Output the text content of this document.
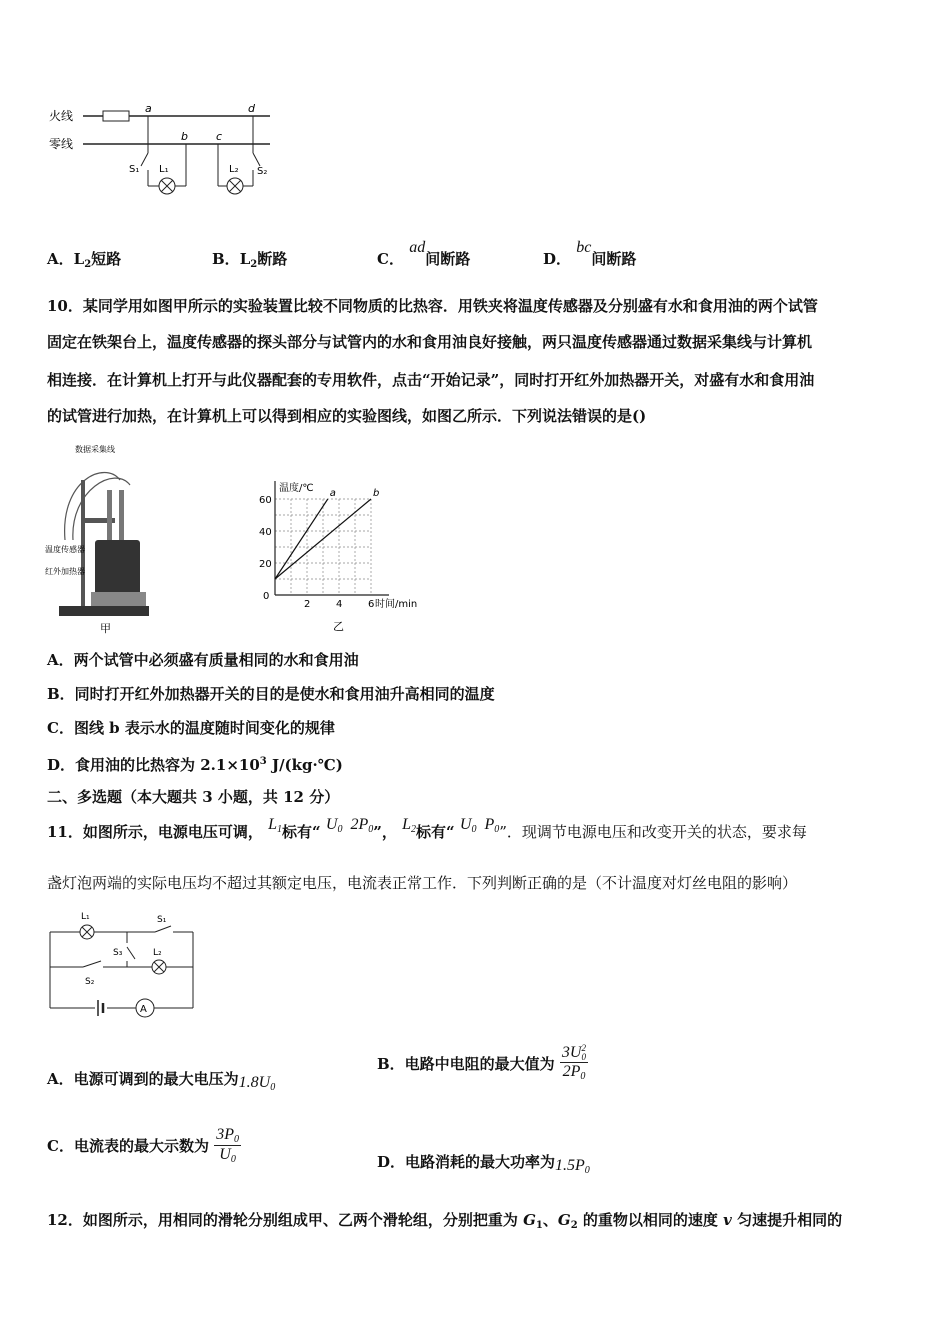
火线
零线
a	d
b	c
S₁ L₁	L₂ S₂
A．$L_2$短路	B．$L_2$断路	C． ad间断路	D． bc间断路
10．某同学用如图甲所示的实验装置比较不同物质的比热容．用铁夹将温度传感器及分别盛有水和食用油的两个试管
固定在铁架台上，温度传感器的探头部分与试管内的水和食用油良好接触，两只温度传感器通过数据采集线与计算机
相连接．在计算机上打开与此仪器配套的专用软件，点击“开始记录”，同时打开红外加热器开关，对盛有水和食用油
的试管进行加热，在计算机上可以得到相应的实验图线，如图乙所示．下列说法错误的是()
数据采集线
温度传感器
红外加热器
甲
温度/℃
时间/min
0
2	4	6
20
40
60
a	b
乙
A．两个试管中必须盛有质量相同的水和食用油
B．同时打开红外加热器开关的目的是使水和食用油升高相同的温度
C．图线 b 表示水的温度随时间变化的规律
D．食用油的比热容为 $2.1\times 10^3$ J/(kg·℃)
二、多选题（本大题共 3 小题，共 12 分）
11．如图所示，电源电压可调， $L_1$标有“ $U_0$ $2P_0$”， $L_2$标有“ $U_0$ $P_0$”．现调节电源电压和改变开关的状态，要求每
盏灯泡两端的实际电压均不超过其额定电压，电流表正常工作．下列判断正确的是（不计温度对灯丝电阻的影响）
L₁	S₁
S₃	L₂
S₂
A
A．电源可调到的最大电压为$1.8U_0$
B．电路中电阻的最大值为 3U 2
0
$2P_0$
C．电流表的最大示数为 $\frac{3P_0}{U_0}$	D．电路消耗的最大功率为$1.5P_0$
12．如图所示，用相同的滑轮分别组成甲、乙两个滑轮组，分别把重为 $G_1$、$G_2$ 的重物以相同的速度 v 匀速提升相同的
